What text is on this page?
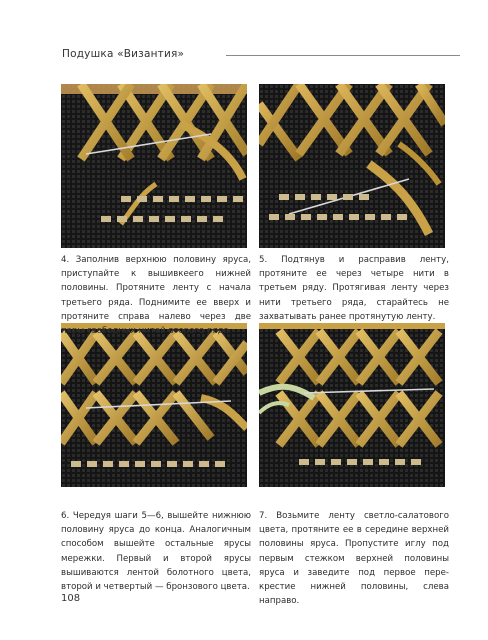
Подушка «Византия»

4. Заполнив верхнюю половину яруса, приступайте к вышивкеего нижней половины. Протяните ленту с начала третьего ряда. Поднимите ее вверх и протяните справа налево через две пары свободных нитей второго ряда.

5. Подтянув и расправив ленту, протяните ее через четыре нити в третьем ряду. Протягивая ленту через нити третьего ряда, старайтесь не захватывать ранее протянутую ленту.

6. Чередуя шаги 5—6, вышейте нижнюю половину яруса до конца. Аналогичным способом вышейте остальные ярусы мережки. Первый и второй ярусы вышиваются лентой болотного цвета, второй и четвертый — бронзового цвета.

7. Возьмите ленту светло-салатового цвета, протяните ее в середине верхней половины яруса. Пропустите иглу под первым стежком верхней половины яруса и заведите под первое перекрестие нижней половины, слева направо.

108
